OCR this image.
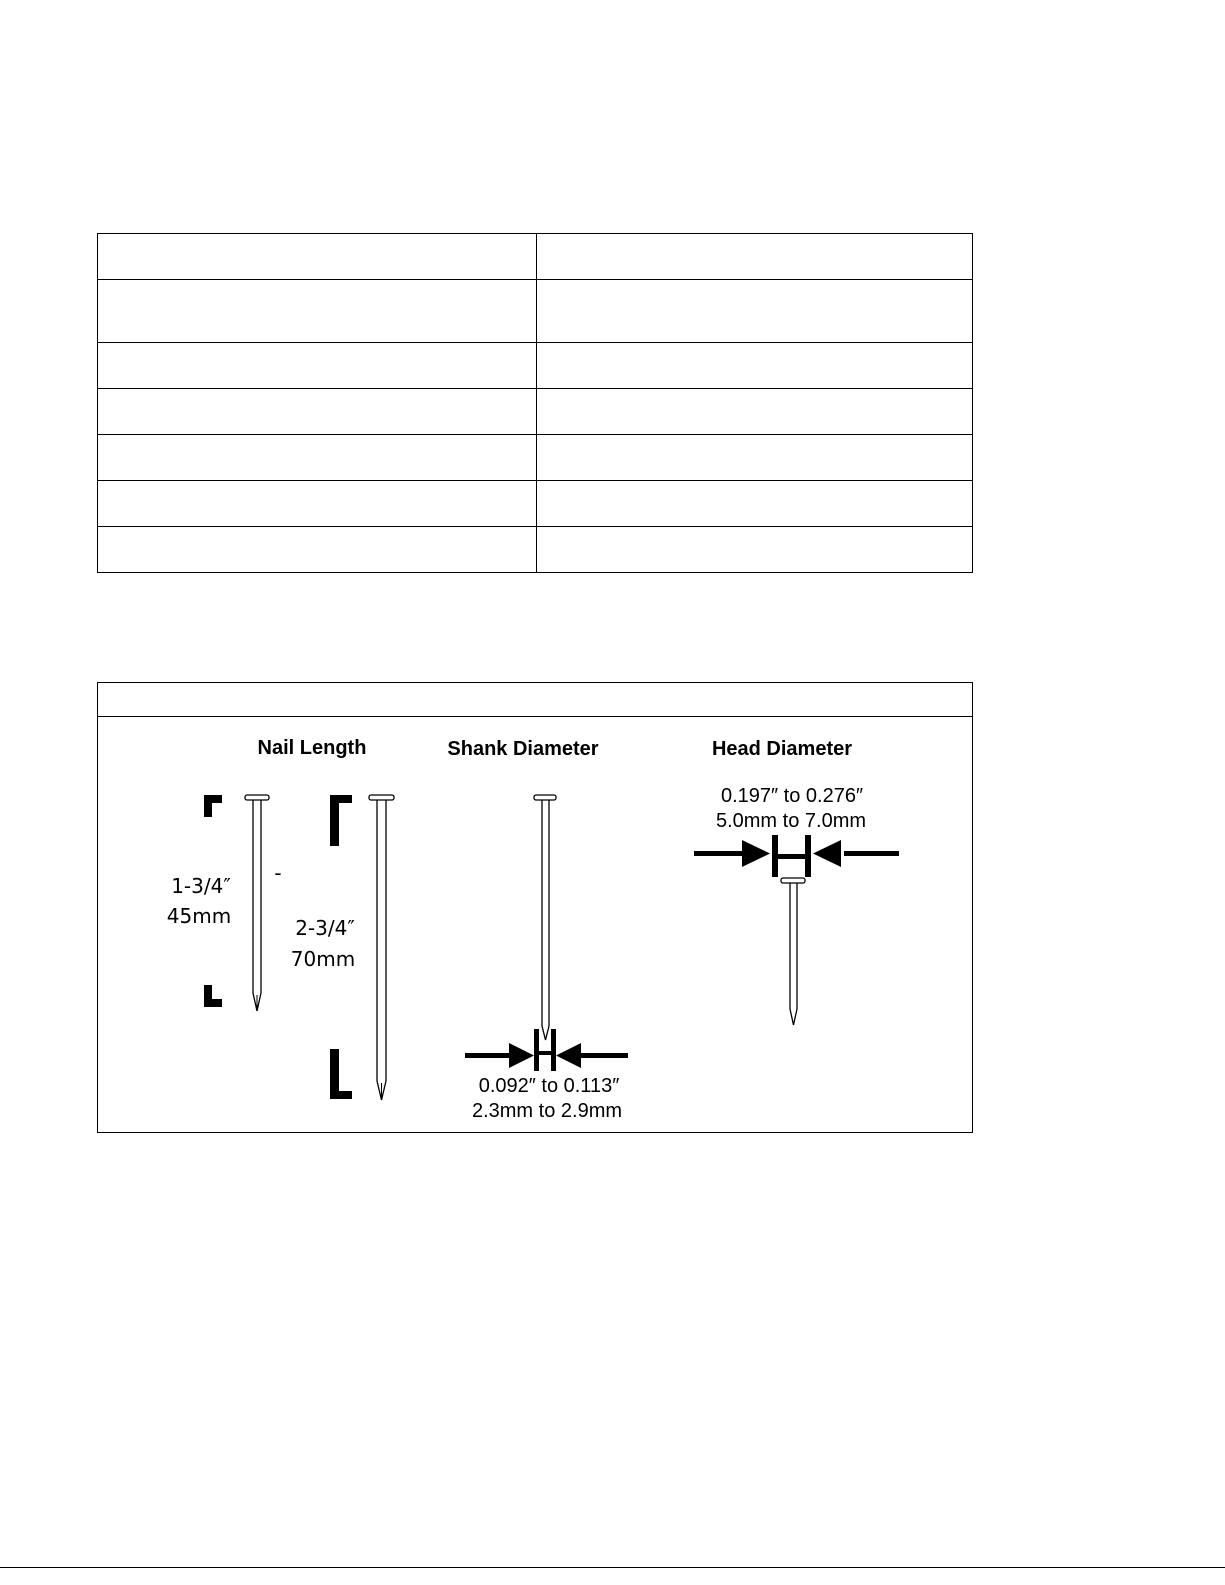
Nail Length
1-3/4″
45mm
-
2-3/4″
70mm
Shank Diameter
0.092″ to 0.113″
2.3mm to 2.9mm
Head Diameter
0.197″ to 0.276″
5.0mm to 7.0mm
